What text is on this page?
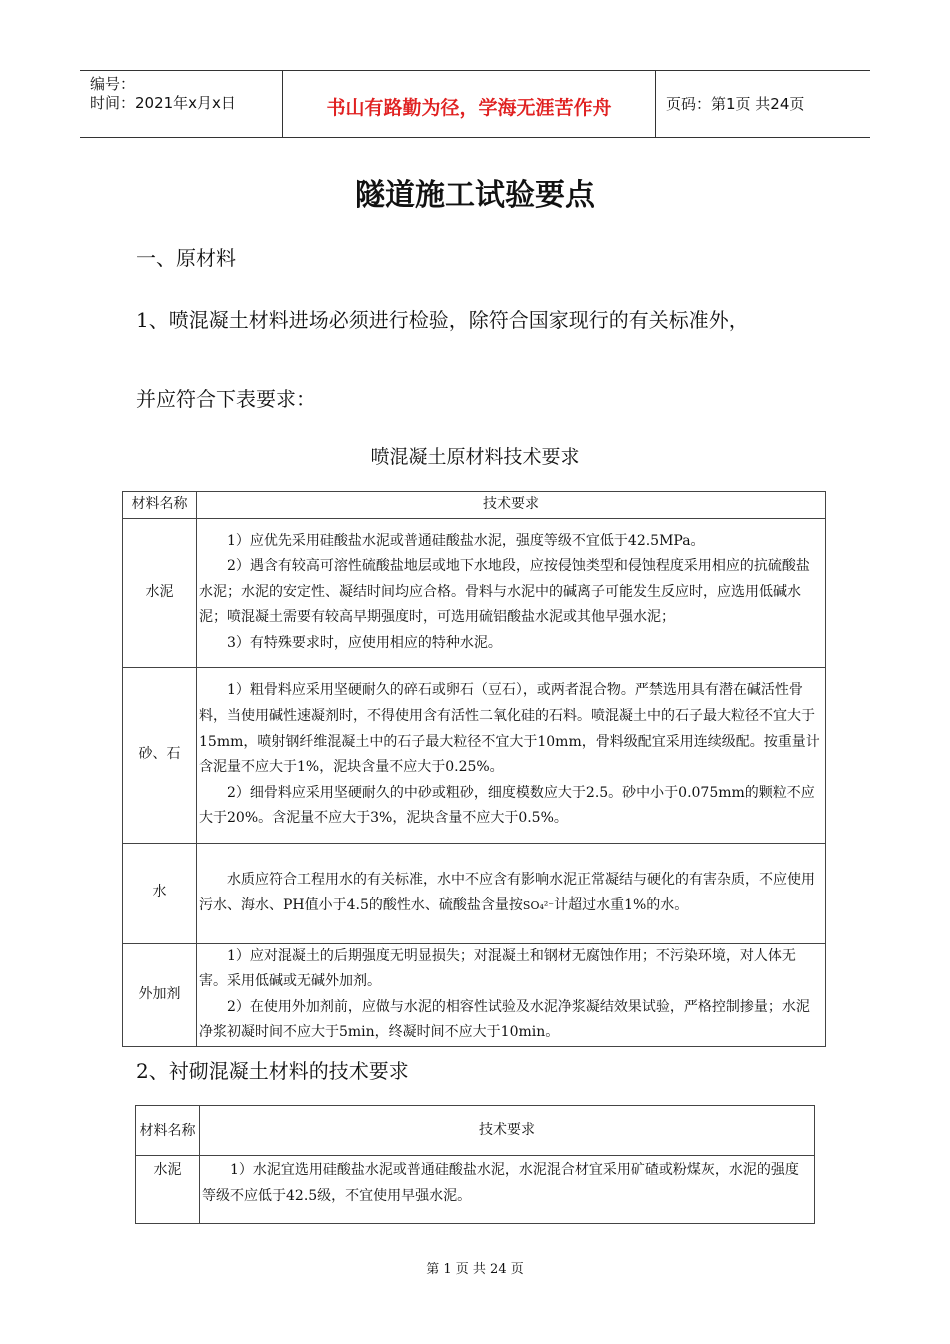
编号：
时间：2021年x月x日	书山有路勤为径，学海无涯苦作舟	页码：第1页 共24页
隧道施工试验要点
一、原材料
1、喷混凝土材料进场必须进行检验，除符合国家现行的有关标准外，
并应符合下表要求：
喷混凝土原材料技术要求
材料名称	技术要求
水泥	1）应优先采用硅酸盐水泥或普通硅酸盐水泥，强度等级不宜低于42.5MPa。

2）遇含有较高可溶性硫酸盐地层或地下水地段，应按侵蚀类型和侵蚀程度采用相应的抗硫酸盐水泥；水泥的安定性、凝结时间均应合格。骨料与水泥中的碱离子可能发生反应时，应选用低碱水泥；喷混凝土需要有较高早期强度时，可选用硫铝酸盐水泥或其他早强水泥；

3）有特殊要求时，应使用相应的特种水泥。

砂、石	1）粗骨料应采用坚硬耐久的碎石或卵石（豆石），或两者混合物。严禁选用具有潜在碱活性骨料，当使用碱性速凝剂时，不得使用含有活性二氧化硅的石料。喷混凝土中的石子最大粒径不宜大于15mm，喷射钢纤维混凝土中的石子最大粒径不宜大于10mm，骨料级配宜采用连续级配。按重量计含泥量不应大于1%，泥块含量不应大于0.25%。

2）细骨料应采用坚硬耐久的中砂或粗砂，细度模数应大于2.5。砂中小于0.075mm的颗粒不应大于20%。含泥量不应大于3%，泥块含量不应大于0.5%。

水	水质应符合工程用水的有关标准，水中不应含有影响水泥正常凝结与硬化的有害杂质，不应使用污水、海水、PH值小于4.5的酸性水、硫酸盐含量按SO₄²⁻计超过水重1%的水。

外加剂	1）应对混凝土的后期强度无明显损失；对混凝土和钢材无腐蚀作用；不污染环境，对人体无害。采用低碱或无碱外加剂。

2）在使用外加剂前，应做与水泥的相容性试验及水泥净浆凝结效果试验，严格控制掺量；水泥净浆初凝时间不应大于5min，终凝时间不应大于10min。

2、衬砌混凝土材料的技术要求
材料名称	技术要求
水泥	1）水泥宜选用硅酸盐水泥或普通硅酸盐水泥，水泥混合材宜采用矿碴或粉煤灰，水泥的强度等级不应低于42.5级，不宜使用早强水泥。

第 1 页 共 24 页
